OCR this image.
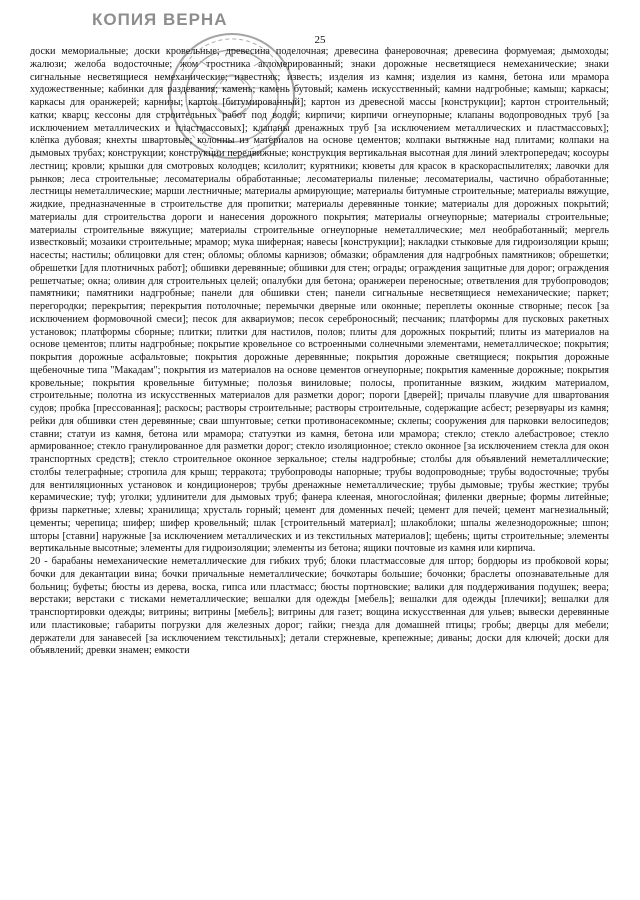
КОПИЯ ВЕРНА
25

доски мемориальные; доски кровельные; древесина поделочная; древесина фанеровочная; древесина формуемая; дымоходы; жалюзи; желоба водосточные; жом тростника агломерированный; знаки дорожные несветящиеся немеханические; знаки сигнальные несветящиеся немеханические; известняк; известь; изделия из камня; изделия из камня, бетона или мрамора художественные; кабинки для раздевания; камень; камень бутовый; камень искусственный; камни надгробные; камыш; каркасы; каркасы для оранжерей; карнизы; картон [битумированный]; картон из древесной массы [конструкции]; картон строительный; катки; кварц; кессоны для строительных работ под водой; кирпичи; кирпичи огнеупорные; клапаны водопроводных труб [за исключением металлических и пластмассовых]; клапаны дренажных труб [за исключением металлических и пластмассовых]; клёпка дубовая; кнехты швартовые; колонны из материалов на основе цементов; колпаки вытяжные над плитами; колпаки на дымовых трубах; конструкции; конструкции передвижные; конструкция вертикальная высотная для линий электропередач; косоуры лестниц; кровли; крышки для смотровых колодцев; ксилолит; курятники; кюветы для красок в краскораспылителях; лавочки для рынков; леса строительные; лесоматериалы обработанные; лесоматериалы пиленые; лесоматериалы, частично обработанные; лестницы неметаллические; марши лестничные; материалы армирующие; материалы битумные строительные; материалы вяжущие, жидкие, предназначенные в строительстве для пропитки; материалы деревянные тонкие; материалы для дорожных покрытий; материалы для строительства дороги и нанесения дорожного покрытия; материалы огнеупорные; материалы строительные; материалы строительные вяжущие; материалы строительные огнеупорные неметаллические; мел необработанный; мергель известковый; мозаики строительные; мрамор; мука шиферная; навесы [конструкции]; накладки стыковые для гидроизоляции крыш; насесты; настилы; облицовки для стен; обломы; обломы карнизов; обмазки; обрамления для надгробных памятников; обрешетки; обрешетки [для плотничных работ]; обшивки деревянные; обшивки для стен; ограды; ограждения защитные для дорог; ограждения решетчатые; окна; оливин для строительных целей; опалубки для бетона; оранжереи переносные; ответвления для трубопроводов; памятники; памятники надгробные; панели для обшивки стен; панели сигнальные несветящиеся немеханические; паркет; перегородки; перекрытия; перекрытия потолочные; перемычки дверные или оконные; переплеты оконные створные; песок [за исключением формовочной смеси]; песок для аквариумов; песок сереброносный; песчаник; платформы для пусковых ракетных установок; платформы сборные; плитки; плитки для настилов, полов; плиты для дорожных покрытий; плиты из материалов на основе цементов; плиты надгробные; покрытие кровельное со встроенными солнечными элементами, неметаллическое; покрытия; покрытия дорожные асфальтовые; покрытия дорожные деревянные; покрытия дорожные светящиеся; покрытия дорожные щебеночные типа "Макадам"; покрытия из материалов на основе цементов огнеупорные; покрытия каменные дорожные; покрытия кровельные; покрытия кровельные битумные; полозья виниловые; полосы, пропитанные вязким, жидким материалом, строительные; полотна из искусственных материалов для разметки дорог; пороги [дверей]; причалы плавучие для швартования судов; пробка [прессованная]; раскосы; растворы строительные; растворы строительные, содержащие асбест; резервуары из камня; рейки для обшивки стен деревянные; сваи шпунтовые; сетки противонасекомные; склепы; сооружения для парковки велосипедов; ставни; статуи из камня, бетона или мрамора; статуэтки из камня, бетона или мрамора; стекло; стекло алебастровое; стекло армированное; стекло гранулированное для разметки дорог; стекло изоляционное; стекло оконное [за исключением стекла для окон транспортных средств]; стекло строительное оконное зеркальное; стелы надгробные; столбы для объявлений неметаллические; столбы телеграфные; стропила для крыш; терракота; трубопроводы напорные; трубы водопроводные; трубы водосточные; трубы для вентиляционных установок и кондиционеров; трубы дренажные неметаллические; трубы дымовые; трубы жесткие; трубы керамические; туф; уголки; удлинители для дымовых труб; фанера клееная, многослойная; филенки дверные; формы литейные; фризы паркетные; хлевы; хранилища; хрусталь горный; цемент для доменных печей; цемент для печей; цемент магнезиальный; цементы; черепица; шифер; шифер кровельный; шлак [строительный материал]; шлакоблоки; шпалы железнодорожные; шпон; шторы [ставни] наружные [за исключением металлических и из текстильных материалов]; щебень; щиты строительные; элементы вертикальные высотные; элементы для гидроизоляции; элементы из бетона; ящики почтовые из камня или кирпича.

20 - барабаны немеханические неметаллические для гибких труб; блоки пластмассовые для штор; бордюры из пробковой коры; бочки для декантации вина; бочки причальные неметаллические; бочкотары большие; бочонки; браслеты опознавательные для больниц; буфеты; бюсты из дерева, воска, гипса или пластмасс; бюсты портновские; валики для поддерживания подушек; веера; верстаки; верстаки с тисками неметаллические; вешалки для одежды [мебель]; вешалки для одежды [плечики]; вешалки для транспортировки одежды; витрины; витрины [мебель]; витрины для газет; вощина искусственная для ульев; вывески деревянные или пластиковые; габариты погрузки для железных дорог; гайки; гнезда для домашней птицы; гробы; дверцы для мебели; держатели для занавесей [за исключением текстильных]; детали стержневые, крепежные; диваны; доски для ключей; доски для объявлений; древки знамен; емкости
